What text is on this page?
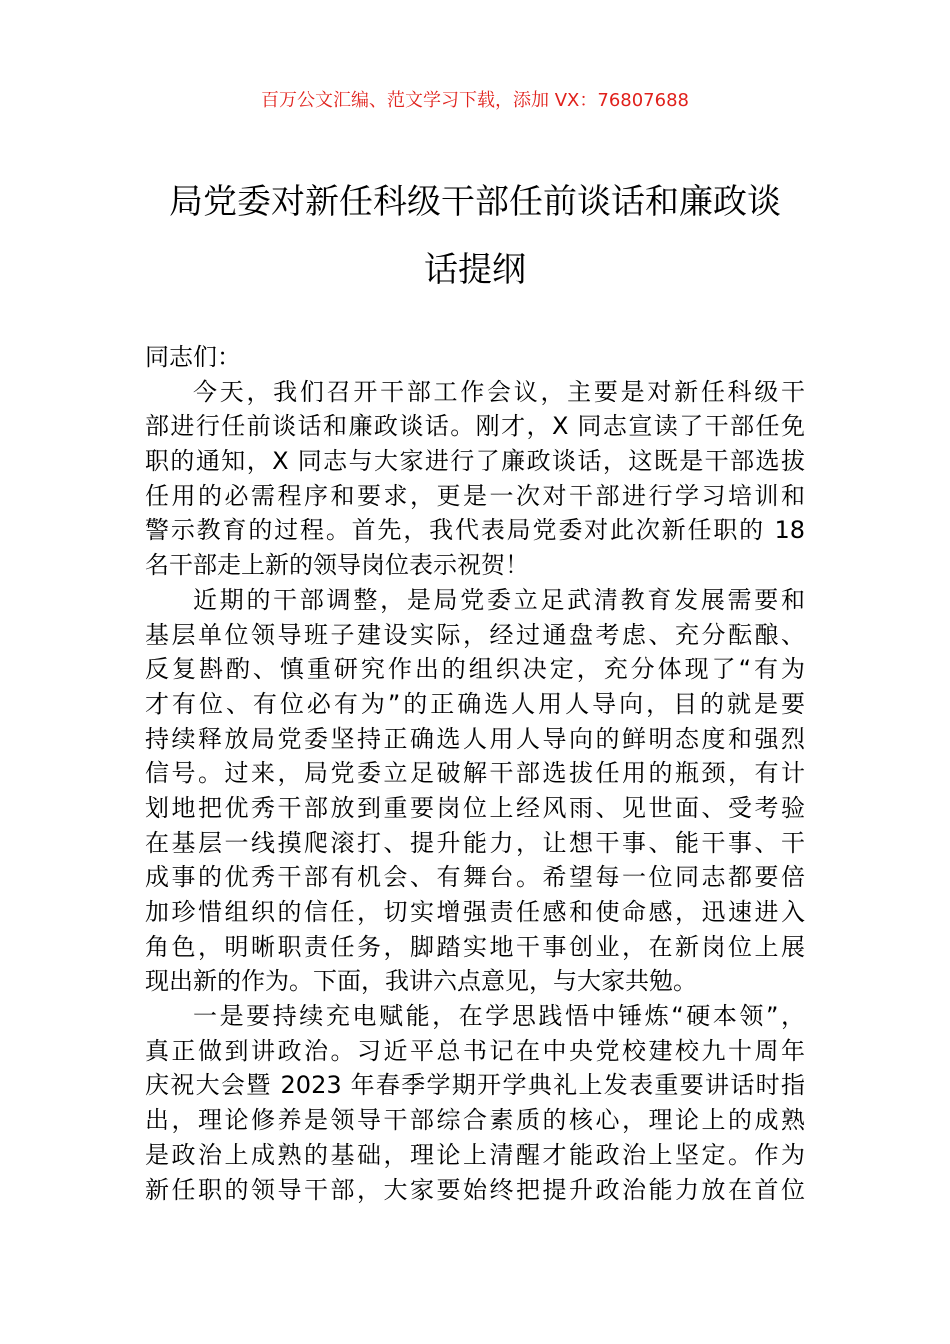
百万公文汇编、范文学习下载，添加 VX：76807688
局党委对新任科级干部任前谈话和廉政谈
话提纲
同志们：
今天，我们召开干部工作会议，主要是对新任科级干
部进行任前谈话和廉政谈话。刚才，X 同志宣读了干部任免
职的通知，X 同志与大家进行了廉政谈话，这既是干部选拔
任用的必需程序和要求，更是一次对干部进行学习培训和
警示教育的过程。首先，我代表局党委对此次新任职的 18
名干部走上新的领导岗位表示祝贺！
近期的干部调整，是局党委立足武清教育发展需要和
基层单位领导班子建设实际，经过通盘考虑、充分酝酿、
反复斟酌、慎重研究作出的组织决定，充分体现了“有为
才有位、有位必有为”的正确选人用人导向，目的就是要
持续释放局党委坚持正确选人用人导向的鲜明态度和强烈
信号。过来，局党委立足破解干部选拔任用的瓶颈，有计
划地把优秀干部放到重要岗位上经风雨、见世面、受考验
在基层一线摸爬滚打、提升能力，让想干事、能干事、干
成事的优秀干部有机会、有舞台。希望每一位同志都要倍
加珍惜组织的信任，切实增强责任感和使命感，迅速进入
角色，明晰职责任务，脚踏实地干事创业，在新岗位上展
现出新的作为。下面，我讲六点意见，与大家共勉。
一是要持续充电赋能，在学思践悟中锤炼“硬本领”，
真正做到讲政治。习近平总书记在中央党校建校九十周年
庆祝大会暨 2023 年春季学期开学典礼上发表重要讲话时指
出，理论修养是领导干部综合素质的核心，理论上的成熟
是政治上成熟的基础，理论上清醒才能政治上坚定。作为
新任职的领导干部，大家要始终把提升政治能力放在首位
